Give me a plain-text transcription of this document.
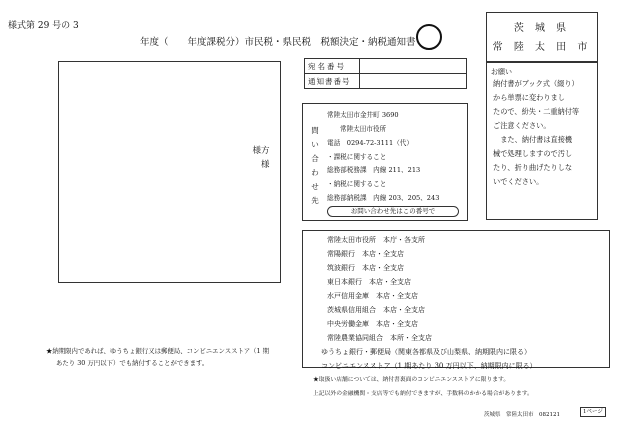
様式第 29 号の 3
年度（　　年度課税分）市民税・県民税　税額決定・納税通知書
茨 城 県
常 陸 太 田 市
様方
様
宛名番号	
通知書番号	
問
い
合
わ
せ
先
常陸太田市金井町 3690
常陸太田市役所
電話　0294-72-3111（代）
・課税に関すること
総務部税務課　内線 211、213
・納税に関すること
総務部納税課　内線 203、205、243
お問い合わせ先はこの番号で
お願い
納付書がブック式（綴り）
から単票に変わりまし
たので、紛失・二重納付等
ご注意ください。
　また、納付書は直接機
械で処理しますので汚し
たり、折り曲げたりしな
いでください。
常陸太田市役所　本庁・各支所
常陽銀行　本店・全支店
筑波銀行　本店・全支店
東日本銀行　本店・全支店
水戸信用金庫　本店・全支店
茨城県信用組合　本店・全支店
中央労働金庫　本店・全支店
常陸農業協同組合　本所・全支店
ゆうちょ銀行・郵便局（関東各都県及び山梨県、納期限内に限る）
コンビニエンスストア（1 期あたり 30 万円以下、納期限内に限る）
★取扱い店舗については、納付書裏面のコンビニエンスストアに限ります。
上記以外の金融機関・支店等でも納付できますが、手数料のかかる場合があります。
★納期限内であれば、ゆうちょ銀行又は郵便局、コンビニエンスストア（1 期
あたり 30 万円以下）でも納付することができます。
茨城県　常陸太田市　082121	1ページ
